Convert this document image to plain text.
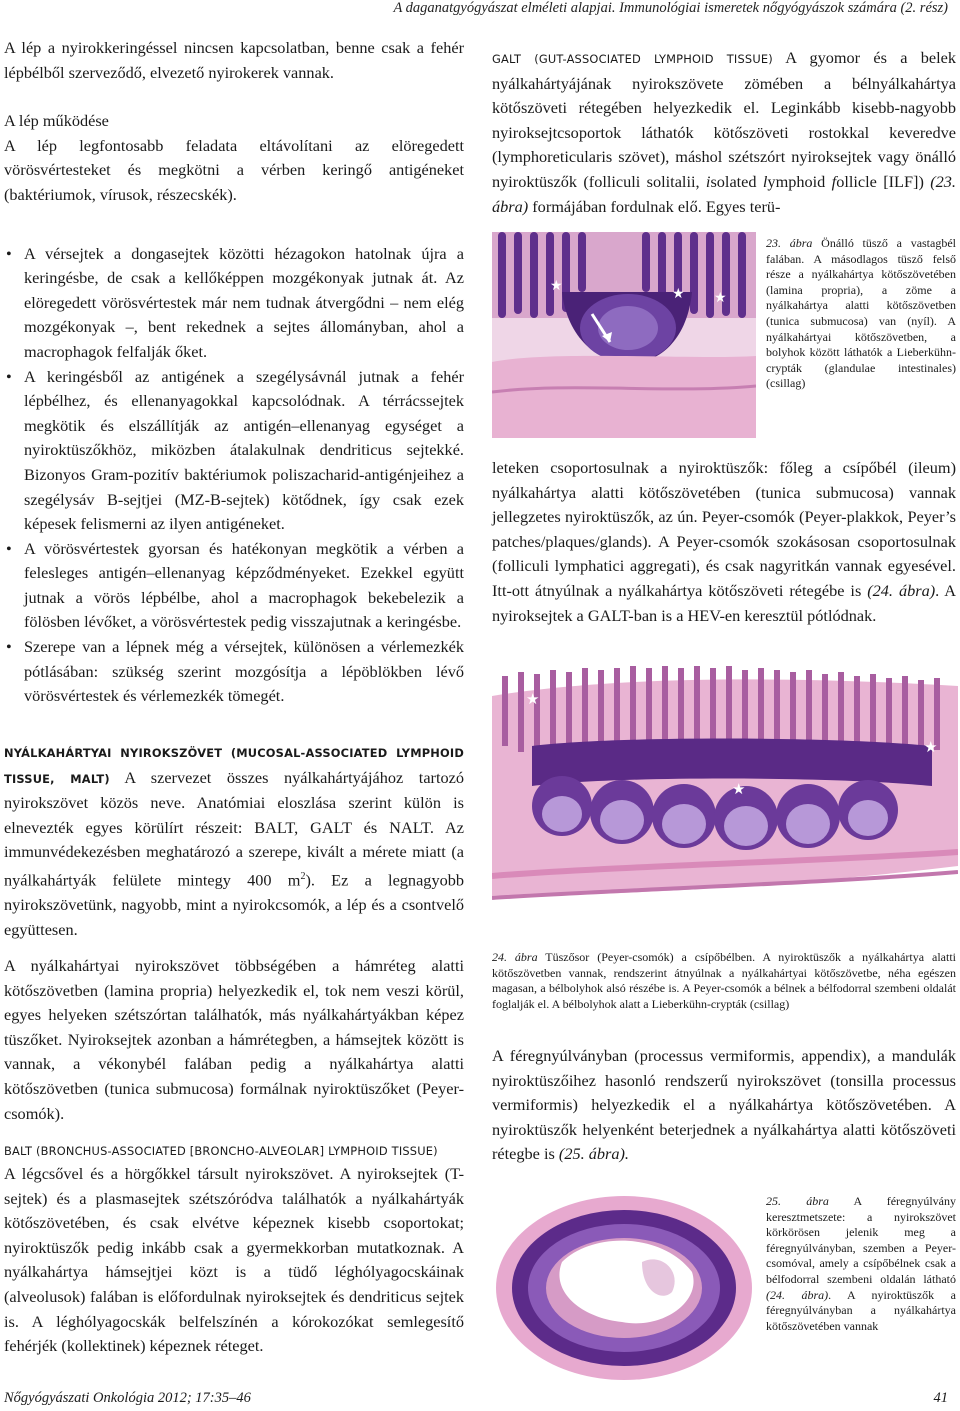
A daganatgyógyászat elméleti alapjai. Immunológiai ismeretek nőgyógyászok számára (2. rész)

A lép a nyirokkeringéssel nincsen kapcsolatban, benne csak a fehér lépbélből szerveződő, elvezető nyirokerek vannak.

A lép működése

A lép legfontosabb feladata eltávolítani az elöregedett vörösvértesteket és megkötni a vérben keringő antigéneket (baktériumok, vírusok, részecskék).

• A vérsejtek a dongasejtek közötti hézagokon hatolnak újra a keringésbe, de csak a kellőképpen mozgékonyak jutnak át. Az elöregedett vörösvértestek már nem tudnak átvergődni – nem elég mozgékonyak –, bent rekednek a sejtes állományban, ahol a macrophagok felfalják őket.
• A keringésből az antigének a szegélysávnál jutnak a fehér lépbélhez, és ellenanyagokkal kapcsolódnak. A térrácssejtek megkötik és elszállítják az antigén–ellenanyag egységet a nyiroktüszőkhöz, miközben átalakulnak dendriticus sejtekké. Bizonyos Gram-pozitív baktériumok poliszacharid-antigénjeihez a szegélysáv B-sejtjei (MZ-B-sejtek) kötődnek, így csak ezek képesek felismerni az ilyen antigéneket.
• A vörösvértestek gyorsan és hatékonyan megkötik a vérben a felesleges antigén–ellenanyag képződményeket. Ezekkel együtt jutnak a vörös lépbélbe, ahol a macrophagok bekebelezik a fölösben lévőket, a vörösvértestek pedig visszajutnak a keringésbe.
• Szerepe van a lépnek még a vérsejtek, különösen a vérlemezkék pótlásában: szükség szerint mozgósítja a lépöblökben lévő vörösvértestek és vérlemezkék tömegét.

NYÁLKAHÁRTYAI NYIROKSZÖVET (MUCOSAL-ASSOCIATED LYMPHOID TISSUE, MALT) A szervezet összes nyálkahártyájához tartozó nyirokszövet közös neve. Anatómiai eloszlása szerint külön is elnevezték egyes körülírt részeit: BALT, GALT és NALT. Az immunvédekezésben meghatározó a szerepe, kivált a mérete miatt (a nyálkahártyák felülete mintegy 400 $m^2$). Ez a legnagyobb nyirokszövetünk, nagyobb, mint a nyirokcsomók, a lép és a csontvelő együttesen.

A nyálkahártyai nyirokszövet többségében a hámréteg alatti kötőszövetben (lamina propria) helyezkedik el, tok nem veszi körül, egyes helyeken szétszórtan találhatók, más nyálkahártyákban képez tüszőket. Nyiroksejtek azonban a hámrétegben, a hámsejtek között is vannak, a vékonybél falában pedig a nyálkahártya alatti kötőszövetben (tunica submucosa) formálnak nyiroktüszőket (Peyer-csomók).

BALT (BRONCHUS-ASSOCIATED [BRONCHO-ALVEOLAR] LYMPHOID TISSUE)

A légcsővel és a hörgőkkel társult nyirokszövet. A nyiroksejtek (T-sejtek) és a plasmasejtek szétszóródva találhatók a nyálkahártyák kötőszövetében, és csak elvétve képeznek kisebb csoportokat; nyiroktüszők pedig inkább csak a gyermekkorban mutatkoznak. A nyálkahártya hámsejtjei közt is a tüdő léghólyagocskáinak (alveolusok) falában is előfordulnak nyiroksejtek és dendriticus sejtek is. A léghólyagocskák belfelszínén a kórokozókat semlegesítő fehérjék (kollektinek) képeznek réteget.

GALT (GUT-ASSOCIATED LYMPHOID TISSUE) A gyomor és a belek nyálkahártyájának nyirokszövete zömében a bélnyálkahártya kötőszöveti rétegében helyezkedik el. Leginkább kisebb-nagyobb nyiroksejtcsoportok láthatók kötőszöveti rostokkal keveredve (lymphoreticularis szövet), máshol szétszórt nyiroksejtek vagy önálló nyiroktüszők (folliculi solitalii, isolated lymphoid follicle [ILF]) (23. ábra) formájában fordulnak elő. Egyes terü-

★	★ ★
23. ábra Önálló tüsző a vastagbél falában. A másodlagos tüsző felső része a nyálkahártya kötőszövetében (lamina propria), a zöme a nyálkahártya alatti kötőszövetben (tunica submucosa) van (nyíl). A nyálkahártyai kötőszövetben, a bolyhok között láthatók a Lieberkühn-crypták (glandulae intestinales) (csillag)

leteken csoportosulnak a nyiroktüszők: főleg a csípőbél (ileum) nyálkahártya alatti kötőszövetében (tunica submucosa) vannak jellegzetes nyiroktüszők, az ún. Peyer-csomók (Peyer-plakkok, Peyer’s patches/plaques/glands). A Peyer-csomók szokásosan csoportosulnak (folliculi lymphatici aggregati), és csak nagyritkán vannak egyesével. Itt-ott átnyúlnak a nyálkahártya kötőszöveti rétegébe is (24. ábra). A nyiroksejtek a GALT-ban is a HEV-en keresztül pótlódnak.

★
★
★
24. ábra Tüszősor (Peyer-csomók) a csípőbélben. A nyiroktüszők a nyálkahártya alatti kötőszövetben vannak, rendszerint átnyúlnak a nyálkahártyai kötőszövetbe, néha egészen magasan, a bélbolyhok alsó részébe is. A Peyer-csomók a bélnek a bélfodorral szembeni oldalát foglalják el. A bélbolyhok alatt a Lieberkühn-crypták (csillag)

A féregnyúlványban (processus vermiformis, appendix), a mandulák nyiroktüszőihez hasonló rendszerű nyirokszövet (tonsilla processus vermiformis) helyezkedik el a nyálkahártya kötőszövetében. A nyiroktüszők helyenként beterjednek a nyálkahártya alatti kötőszöveti rétegbe is (25. ábra).

25. ábra A féregnyúlvány keresztmetszete: a nyirokszövet körkörösen jelenik meg a féregnyúlványban, szemben a Peyer-csomóval, amely a csípőbélnek csak a bélfodorral szembeni oldalán látható (24. ábra). A nyiroktüszők a féregnyúlványban a nyálkahártya kötőszövetében vannak
Nőgyógyászati Onkológia 2012; 17:35–46	41
